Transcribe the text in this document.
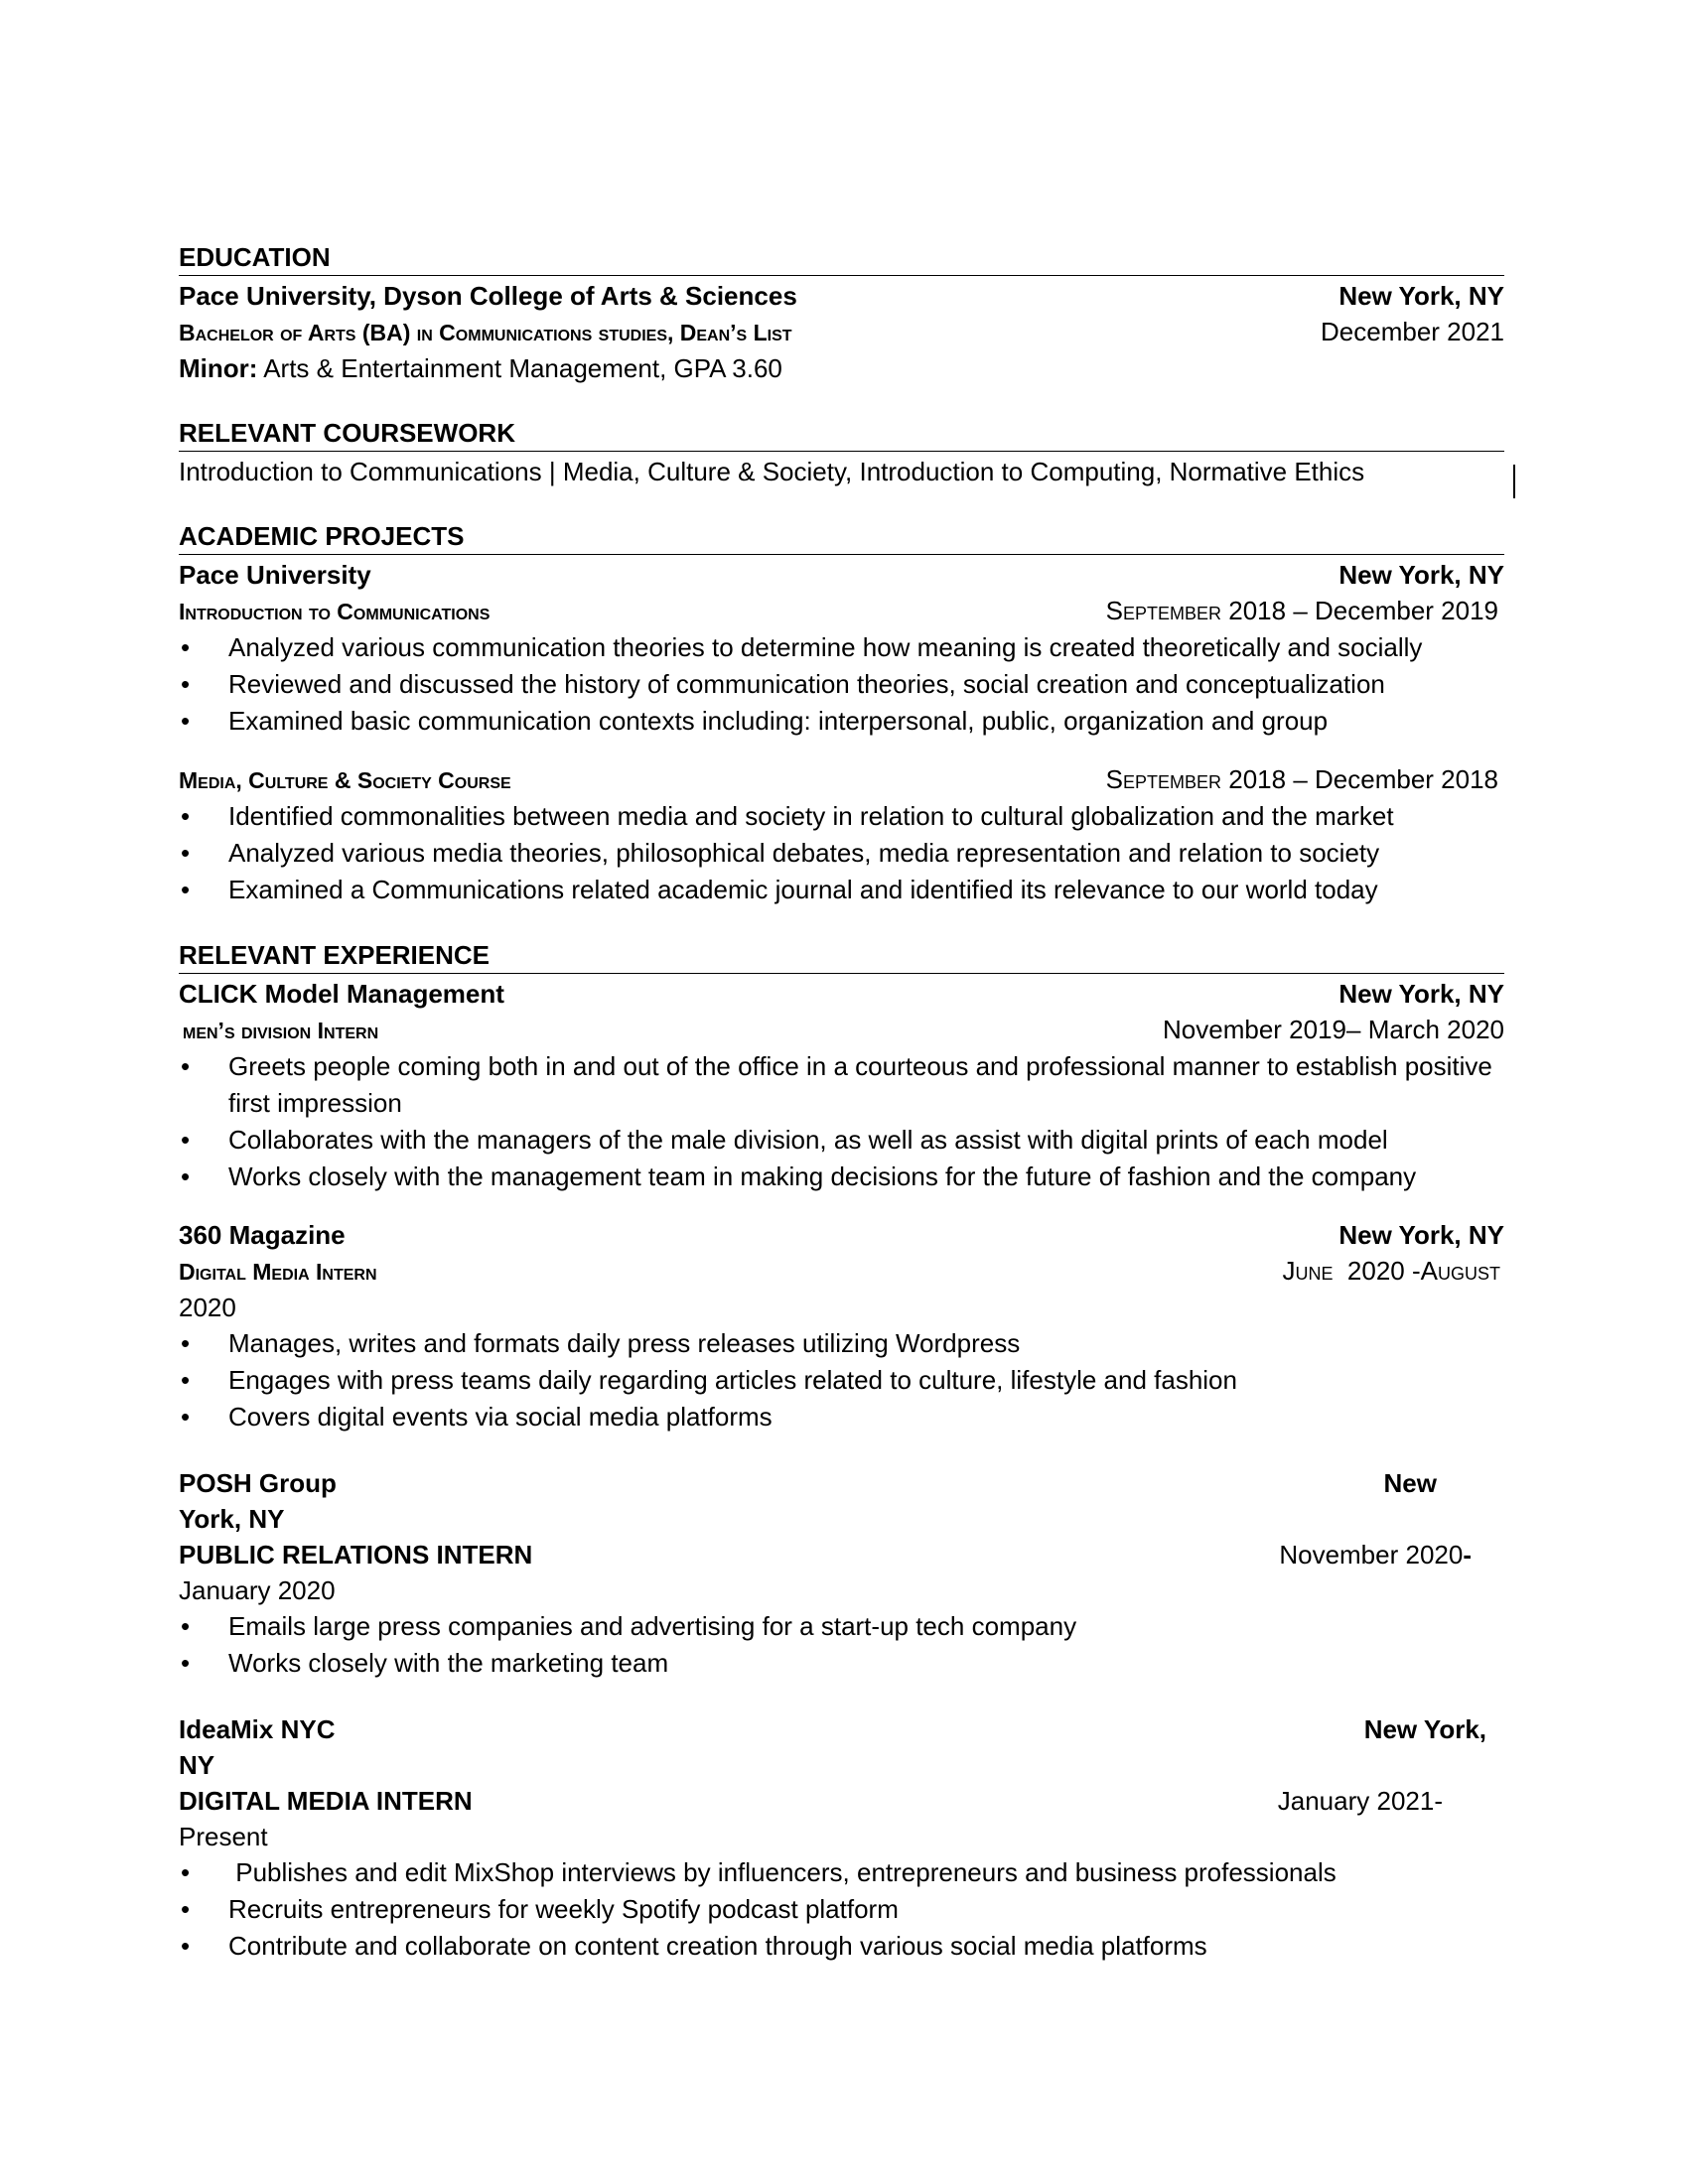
EDUCATION
Pace University, Dyson College of Arts & Sciences	New York, NY
Bachelor of Arts (BA) in Communications studies, Dean’s List	December 2021
Minor: Arts & Entertainment Management, GPA 3.60
RELEVANT COURSEWORK
Introduction to Communications | Media, Culture & Society, Introduction to Computing, Normative Ethics
ACADEMIC PROJECTS
Pace University	New York, NY
Introduction to Communications	September 2018 – December 2019
• Analyzed various communication theories to determine how meaning is created theoretically and socially
• Reviewed and discussed the history of communication theories, social creation and conceptualization
• Examined basic communication contexts including: interpersonal, public, organization and group
Media, Culture & Society Course	September 2018 – December 2018
• Identified commonalities between media and society in relation to cultural globalization and the market
• Analyzed various media theories, philosophical debates, media representation and relation to society
• Examined a Communications related academic journal and identified its relevance to our world today
RELEVANT EXPERIENCE
CLICK Model Management	New York, NY
men’s division Intern	November 2019– March 2020
• Greets people coming both in and out of the office in a courteous and professional manner to establish positive first impression
• Collaborates with the managers of the male division, as well as assist with digital prints of each model
• Works closely with the management team in making decisions for the future of fashion and the company
360 Magazine	New York, NY
Digital Media Intern	June  2020 -August
2020
• Manages, writes and formats daily press releases utilizing Wordpress
• Engages with press teams daily regarding articles related to culture, lifestyle and fashion
• Covers digital events via social media platforms
POSH Group	New
York, NY
PUBLIC RELATIONS INTERN	November 2020-
January 2020
• Emails large press companies and advertising for a start-up tech company
• Works closely with the marketing team
IdeaMix NYC	New York,
NY
DIGITAL MEDIA INTERN	January 2021-
Present
•  Publishes and edit MixShop interviews by influencers, entrepreneurs and business professionals
• Recruits entrepreneurs for weekly Spotify podcast platform
• Contribute and collaborate on content creation through various social media platforms
